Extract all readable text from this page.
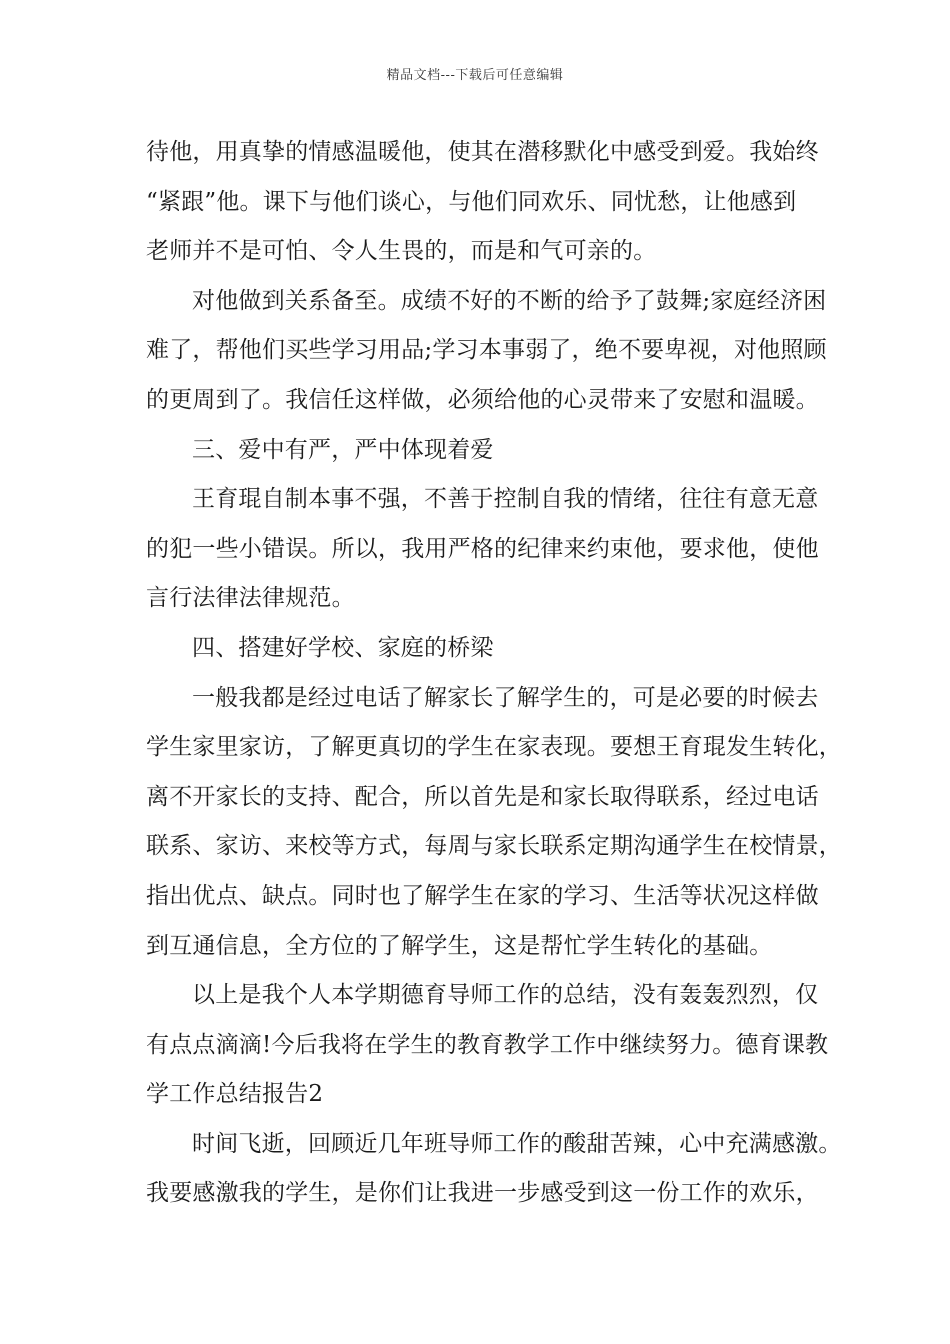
精品文档---下载后可任意编辑
待他，用真挚的情感温暖他，使其在潜移默化中感受到爱。我始终
“紧跟”他。课下与他们谈心，与他们同欢乐、同忧愁，让他感到
老师并不是可怕、令人生畏的，而是和气可亲的。
对他做到关系备至。成绩不好的不断的给予了鼓舞;家庭经济困
难了，帮他们买些学习用品;学习本事弱了，绝不要卑视，对他照顾
的更周到了。我信任这样做，必须给他的心灵带来了安慰和温暖。
三、爱中有严，严中体现着爱
王育琨自制本事不强，不善于控制自我的情绪，往往有意无意
的犯一些小错误。所以，我用严格的纪律来约束他，要求他，使他
言行法律法律规范。
四、搭建好学校、家庭的桥梁
一般我都是经过电话了解家长了解学生的，可是必要的时候去
学生家里家访，了解更真切的学生在家表现。要想王育琨发生转化，
离不开家长的支持、配合，所以首先是和家长取得联系，经过电话
联系、家访、来校等方式，每周与家长联系定期沟通学生在校情景，
指出优点、缺点。同时也了解学生在家的学习、生活等状况这样做
到互通信息，全方位的了解学生，这是帮忙学生转化的基础。
以上是我个人本学期德育导师工作的总结，没有轰轰烈烈，仅
有点点滴滴!今后我将在学生的教育教学工作中继续努力。德育课教
学工作总结报告2
时间飞逝，回顾近几年班导师工作的酸甜苦辣，心中充满感激。
我要感激我的学生，是你们让我进一步感受到这一份工作的欢乐，
